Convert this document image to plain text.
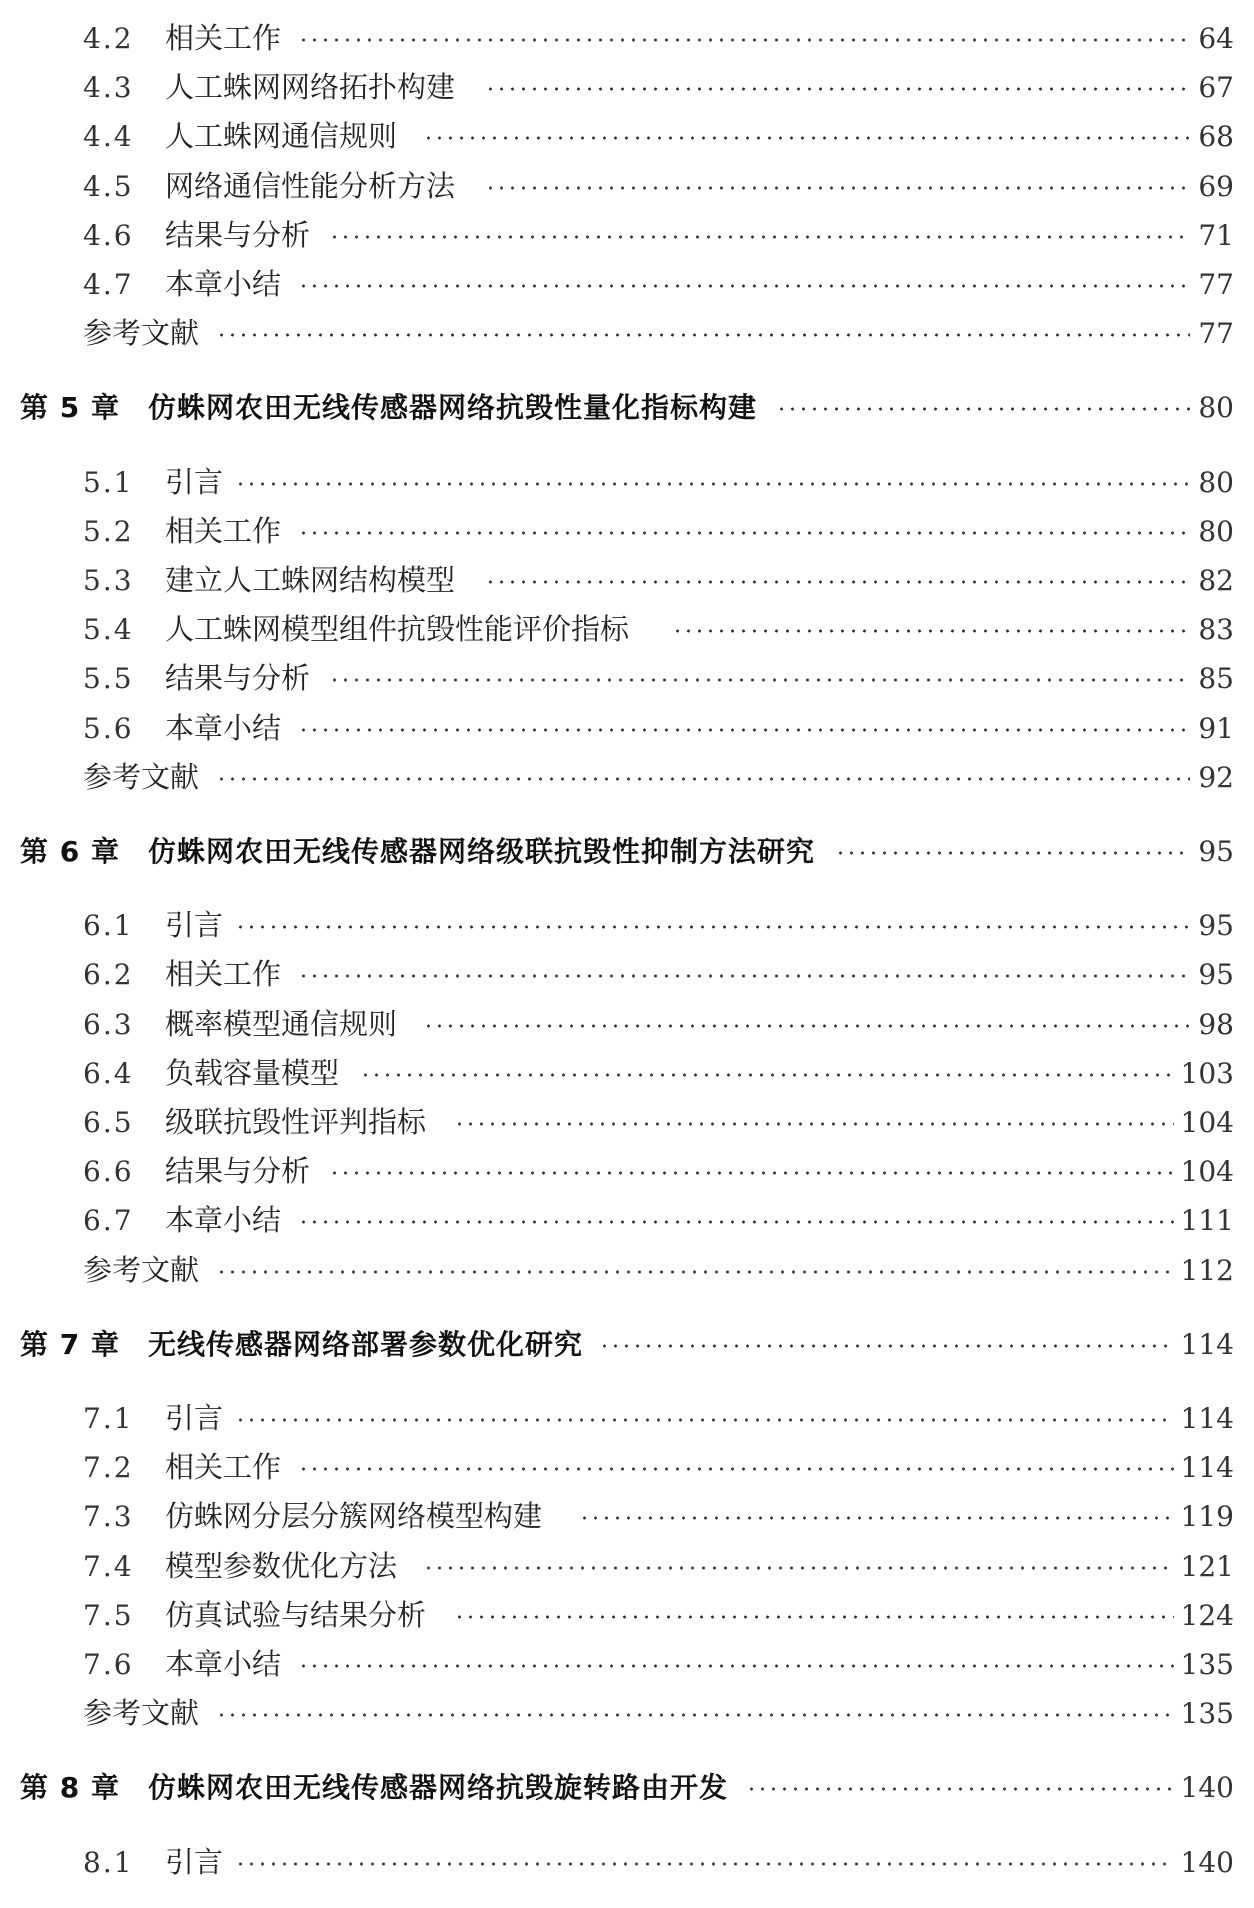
4.2 相关工作	64
4.3 人工蛛网网络拓扑构建	67
4.4 人工蛛网通信规则	68
4.5 网络通信性能分析方法	69
4.6 结果与分析	71
4.7 本章小结	77
参考文献	77
第 5 章 仿蛛网农田无线传感器网络抗毁性量化指标构建	80
5.1 引言	80
5.2 相关工作	80
5.3 建立人工蛛网结构模型	82
5.4 人工蛛网模型组件抗毁性能评价指标	83
5.5 结果与分析	85
5.6 本章小结	91
参考文献	92
第 6 章 仿蛛网农田无线传感器网络级联抗毁性抑制方法研究	95
6.1 引言	95
6.2 相关工作	95
6.3 概率模型通信规则	98
6.4 负载容量模型	103
6.5 级联抗毁性评判指标	104
6.6 结果与分析	104
6.7 本章小结	111
参考文献	112
第 7 章 无线传感器网络部署参数优化研究	114
7.1 引言	114
7.2 相关工作	114
7.3 仿蛛网分层分簇网络模型构建	119
7.4 模型参数优化方法	121
7.5 仿真试验与结果分析	124
7.6 本章小结	135
参考文献	135
第 8 章 仿蛛网农田无线传感器网络抗毁旋转路由开发	140
8.1 引言	140
